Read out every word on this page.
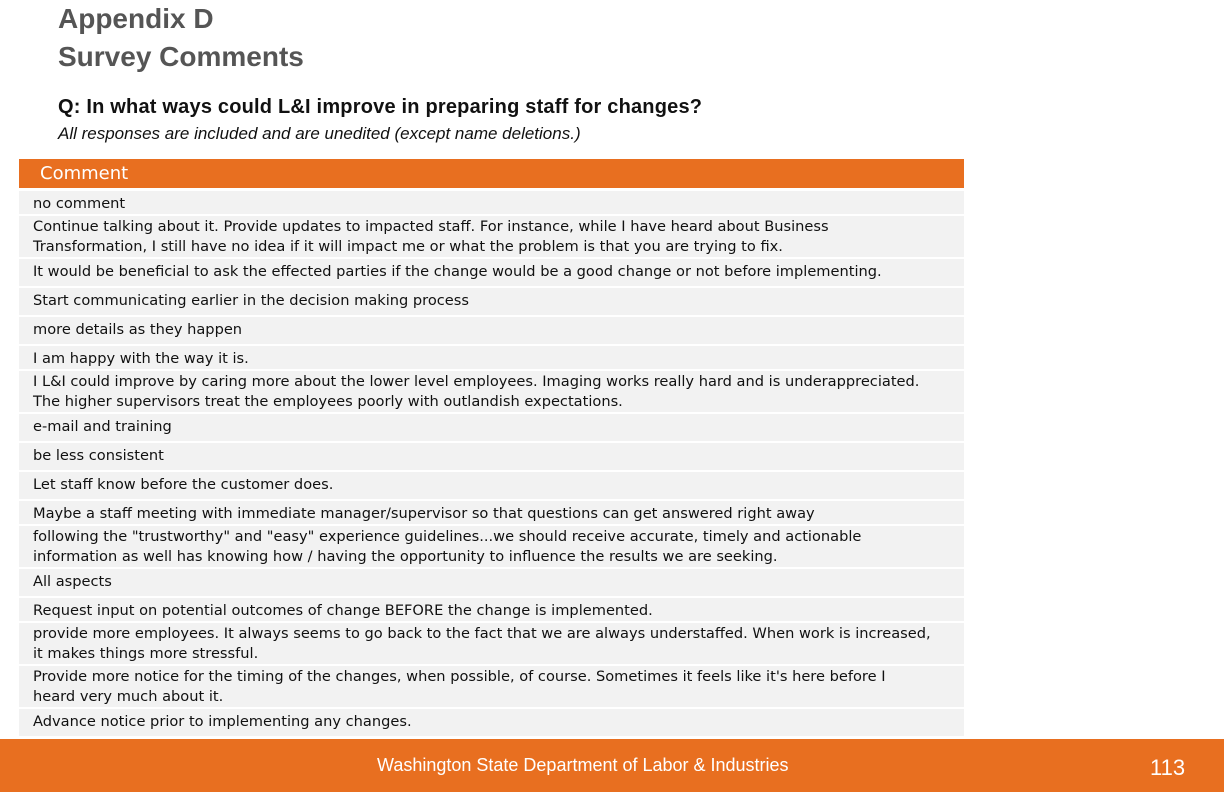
Appendix D
Survey Comments
Q: In what ways could L&I improve in preparing staff for changes?
All responses are included and are unedited (except name deletions.)
Comment
no comment
Continue talking about it. Provide updates to impacted staff. For instance, while I have heard about Business
Transformation, I still have no idea if it will impact me or what the problem is that you are trying to fix.
It would be beneficial to ask the effected parties if the change would be a good change or not before implementing.
Start communicating earlier in the decision making process
more details as they happen
I am happy with the way it is.
I L&I could improve by caring more about the lower level employees. Imaging works really hard and is underappreciated.
The higher supervisors treat the employees poorly with outlandish expectations.
e-mail and training
be less consistent
Let staff know before the customer does.
Maybe a staff meeting with immediate manager/supervisor so that questions can get answered right away
following the "trustworthy" and "easy" experience guidelines...we should receive accurate, timely and actionable
information as well has knowing how / having the opportunity to influence the results we are seeking.
All aspects
Request input on potential outcomes of change BEFORE the change is implemented.
provide more employees. It always seems to go back to the fact that we are always understaffed. When work is increased,
it makes things more stressful.
Provide more notice for the timing of the changes, when possible, of course. Sometimes it feels like it's here before I
heard very much about it.
Advance notice prior to implementing any changes.
Washington State Department of Labor & Industries	113
